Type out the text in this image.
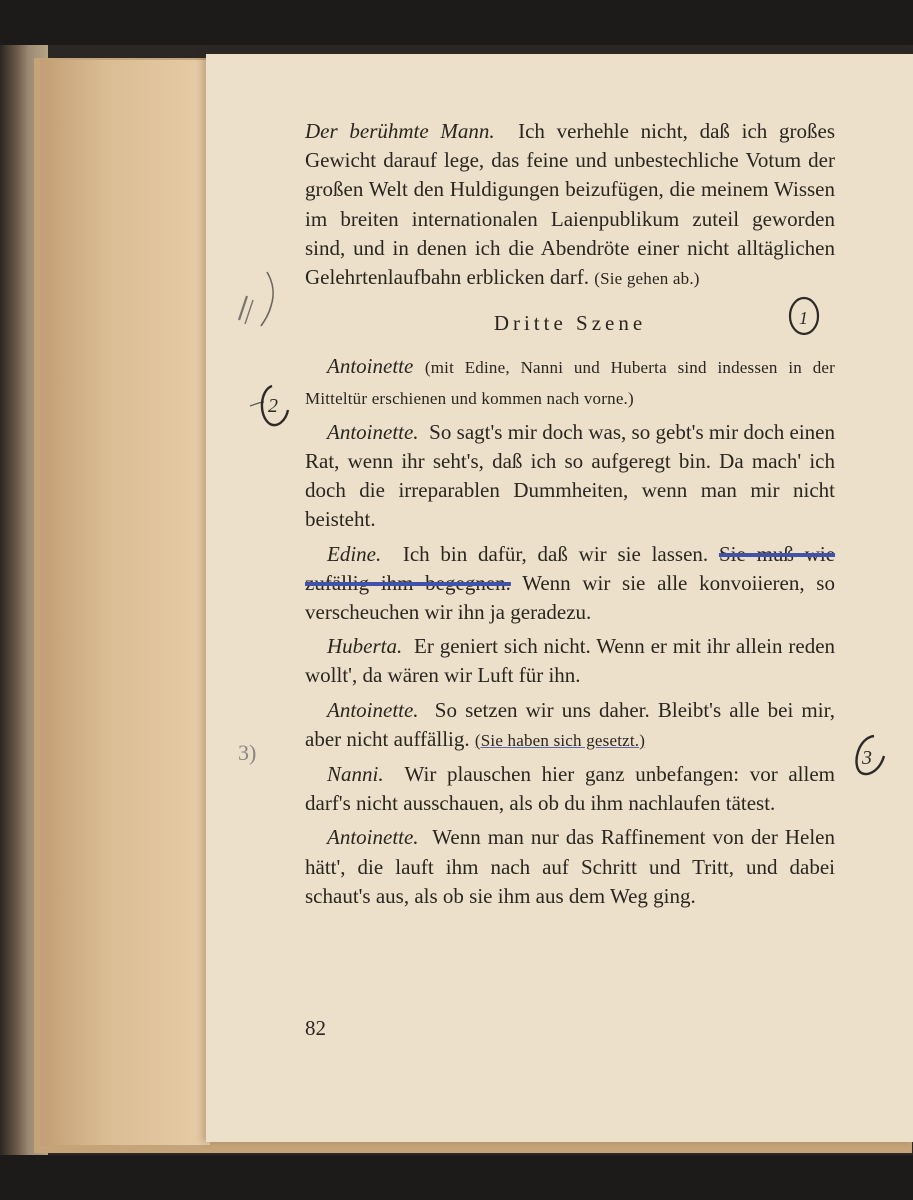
1
2
3)	3

Der berühmte Mann. Ich verhehle nicht, daß ich großes Gewicht darauf lege, das feine und unbestechliche Votum der großen Welt den Huldigungen beizufügen, die meinem Wissen im breiten internationalen Laienpublikum zuteil geworden sind, und in denen ich die Abendröte einer nicht alltäglichen Gelehrtenlaufbahn erblicken darf. (Sie gehen ab.)

Dritte Szene

Antoinette (mit Edine, Nanni und Huberta sind indessen in der Mitteltür erschienen und kommen nach vorne.)

Antoinette. So sagt's mir doch was, so gebt's mir doch einen Rat, wenn ihr seht's, daß ich so aufgeregt bin. Da mach' ich doch die irreparablen Dummheiten, wenn man mir nicht beisteht.

Edine. Ich bin dafür, daß wir sie lassen. Sie muß wie zufällig ihm begegnen. Wenn wir sie alle konvoiieren, so verscheuchen wir ihn ja geradezu.

Huberta. Er geniert sich nicht. Wenn er mit ihr allein reden wollt', da wären wir Luft für ihn.

Antoinette. So setzen wir uns daher. Bleibt's alle bei mir, aber nicht auffällig. (Sie haben sich gesetzt.)

Nanni. Wir plauschen hier ganz unbefangen: vor allem darf's nicht ausschauen, als ob du ihm nachlaufen tätest.

Antoinette. Wenn man nur das Raffinement von der Helen hätt', die lauft ihm nach auf Schritt und Tritt, und dabei schaut's aus, als ob sie ihm aus dem Weg ging.

82
